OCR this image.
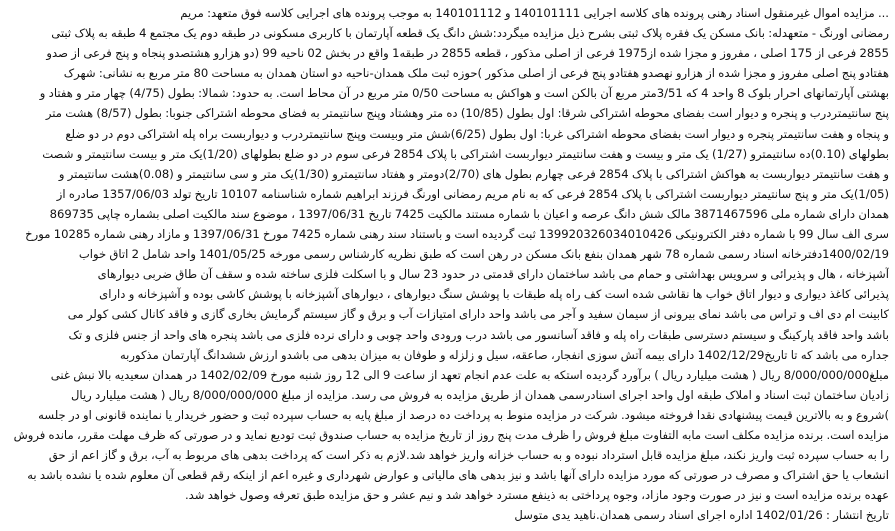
... مزایده اموال غیرمنقول اسناد رهنی پرونده های کلاسه اجرایی 140101111 و 140101112 به موجب پرونده های اجرایی کلاسه فوق متعهد: مریم
رمضانی اورنگ - متعهدله: بانک مسکن یک فقره پلاک ثبتی بشرح ذیل مزایده میگردد:شش دانگ یک قطعه آپارتمان با کاربری مسکونی در طبقه دوم یک مجتمع 4 طبقه به پلاک ثبتی
2855 فرعی از 175 اصلی ، مفروز و مجزا شده از1975 فرعی از اصلی مذکور ، قطعه 2855 در طبقه1 واقع در بخش 02 ناحیه 99 (دو هزارو هشتصدو پنجاه و پنج فرعی از صدو
هفتادو پنج اصلی مفروز و مجزا شده از هزارو نهصدو هفتادو پنج فرعی از اصلی مذکور )حوزه ثبت ملک همدان-ناحیه دو استان همدان به مساحت 80 متر مربع به نشانی: شهرک
بهشتی آپارتمانهای احرار بلوک 8 واحد 4 که 3/51متر مربع آن بالکن است و هواکش به مساحت 0/50 متر مربع در آن محاط است. به حدود: شمالا: بطول (4/75) چهار متر و هفتاد و
پنج سانتیمتردرب و پنجره و دیوار است بفضای محوطه اشتراکی شرقا: اول بطول (10/85) ده متر وهشتاد وپنج سانتیمتر به فضای محوطه اشتراکی جنوبا: بطول (8/57) هشت متر
و پنجاه و هفت سانتیمتر پنجره و دیوار است بفضای محوطه اشتراکی غربا: اول بطول (6/25)شش متر وبیست وپنج سانتیمتردرب و دیواربست براه پله اشتراکی دوم در دو ضلع
بطولهای (0.10)ده سانتیمترو (1/27) یک متر و بیست و هفت سانتیمتر دیواربست اشتراکی با پلاک 2854 فرعی سوم در دو ضلع بطولهای (1/20)یک متر و بیست سانتیمتر و شصت
و هفت سانتیمتر دیواربست به هواکش اشتراکی با پلاک 2854 فرعی چهارم بطول های (2/70)دومتر و هفتاد سانتیمترو (1/30)یک متر و سی سانتیمتر و (0.08)هشت سانتیمتر و
(1/05)یک متر و پنج سانتیمتر دیواربست اشتراکی با پلاک 2854 فرعی که به نام مریم رمضانی اورنگ فرزند ابراهیم شماره شناسنامه 10107 تاریخ تولد 1357/06/03 صادره از
همدان دارای شماره ملی 3871467596 مالک شش دانگ عرصه و اعیان با شماره مستند مالکیت 7425 تاریخ 1397/06/31 ، موضوع سند مالکیت اصلی بشماره چاپی 869735
سری الف سال 99 با شماره دفتر الکترونیکی 139920326034010426 ثبت گردیده است و باستناد سند رهنی شماره 7425 مورخ 1397/06/31 و مازاد رهنی شماره 10285 مورخ
1400/02/19دفترخانه اسناد رسمی شماره 78 شهر همدان بنفع بانک مسکن در رهن است که طبق نظریه کارشناس رسمی مورخه 1401/05/25 واحد شامل 2 اتاق خواب
آشپزخانه ، هال و پذیرائی و سرویس بهداشتی و حمام می باشد ساختمان دارای قدمتی در حدود 23 سال و با اسکلت فلزی ساخته شده و سقف آن طاق ضربی دیوارهای
پذیرائی کاغذ دیواری و دیوار اتاق خواب ها نقاشی شده است کف راه پله طبقات با پوشش سنگ دیوارهای ، دیوارهای آشپزخانه با پوشش کاشی بوده و آشپزخانه و دارای
کابینت ام دی اف و تراس می باشد نمای بیرونی از سیمان سفید و آجر می باشد واحد دارای امتیازات آب و برق و گاز سیستم گرمایش بخاری گازی و فاقد کانال کشی کولر می
باشد واحد فاقد پارکینگ و سیستم دسترسی طبقات راه پله و فاقد آسانسور می باشد درب ورودی واحد چوبی و دارای نرده فلزی می باشد پنجره های واحد از جنس فلزی و تک
جداره می باشد که تا تاریخ1402/12/29 دارای بیمه آتش سوزی انفجار، صاعقه، سیل و زلزله و طوفان به میزان بدهی می باشدو ارزش ششدانگ آپارتمان مذکوربه
مبلغ8/000/000/000 ریال ( هشت میلیارد ریال ) برآورد گردیده استکه به علت عدم انجام تعهد از ساعت 9 الی 12 روز شنبه مورخ 1402/02/09 در همدان سعیدیه بالا نبش غنی
زادیان ساختمان ثبت اسناد و املاک طبقه اول واحد اجرای اسنادرسمی همدان از طریق مزایده به فروش می رسد. مزایده از مبلغ 8/000/000/000 ریال ( هشت میلیارد ریال
)شروع و به بالاترین قیمت پیشنهادی نقدا فروخته میشود. شرکت در مزایده منوط به پرداخت ده درصد از مبلغ پایه به حساب سپرده ثبت و حضور خریدار یا نماینده قانونی او در جلسه
مزایده است. برنده مزایده مکلف است مابه التفاوت مبلغ فروش را ظرف مدت پنج روز از تاریخ مزایده به حساب صندوق ثبت تودیع نماید و در صورتی که ظرف مهلت مقرر، مانده فروش
را به حساب سپرده ثبت واریز نکند، مبلغ مزایده قابل استرداد نبوده و به حساب خزانه واریز خواهد شد.لازم به ذکر است که پرداخت بدهی های مربوط به آب، برق و گاز اعم از حق
انشعاب یا حق اشتراک و مصرف در صورتی که مورد مزایده دارای آنها باشد و نیز بدهی های مالیاتی و عوارض شهرداری و غیره اعم از اینکه رقم قطعی آن معلوم شده یا نشده باشد به
عهده برنده مزایده است و نیز در صورت وجود مازاد، وجوه پرداختی به ذینفع مسترد خواهد شد و نیم عشر و حق مزایده طبق تعرفه وصول خواهد شد.
تاریخ انتشار : 1402/01/26 اداره اجرای اسناد رسمی همدان.ناهید یدی متوسل
